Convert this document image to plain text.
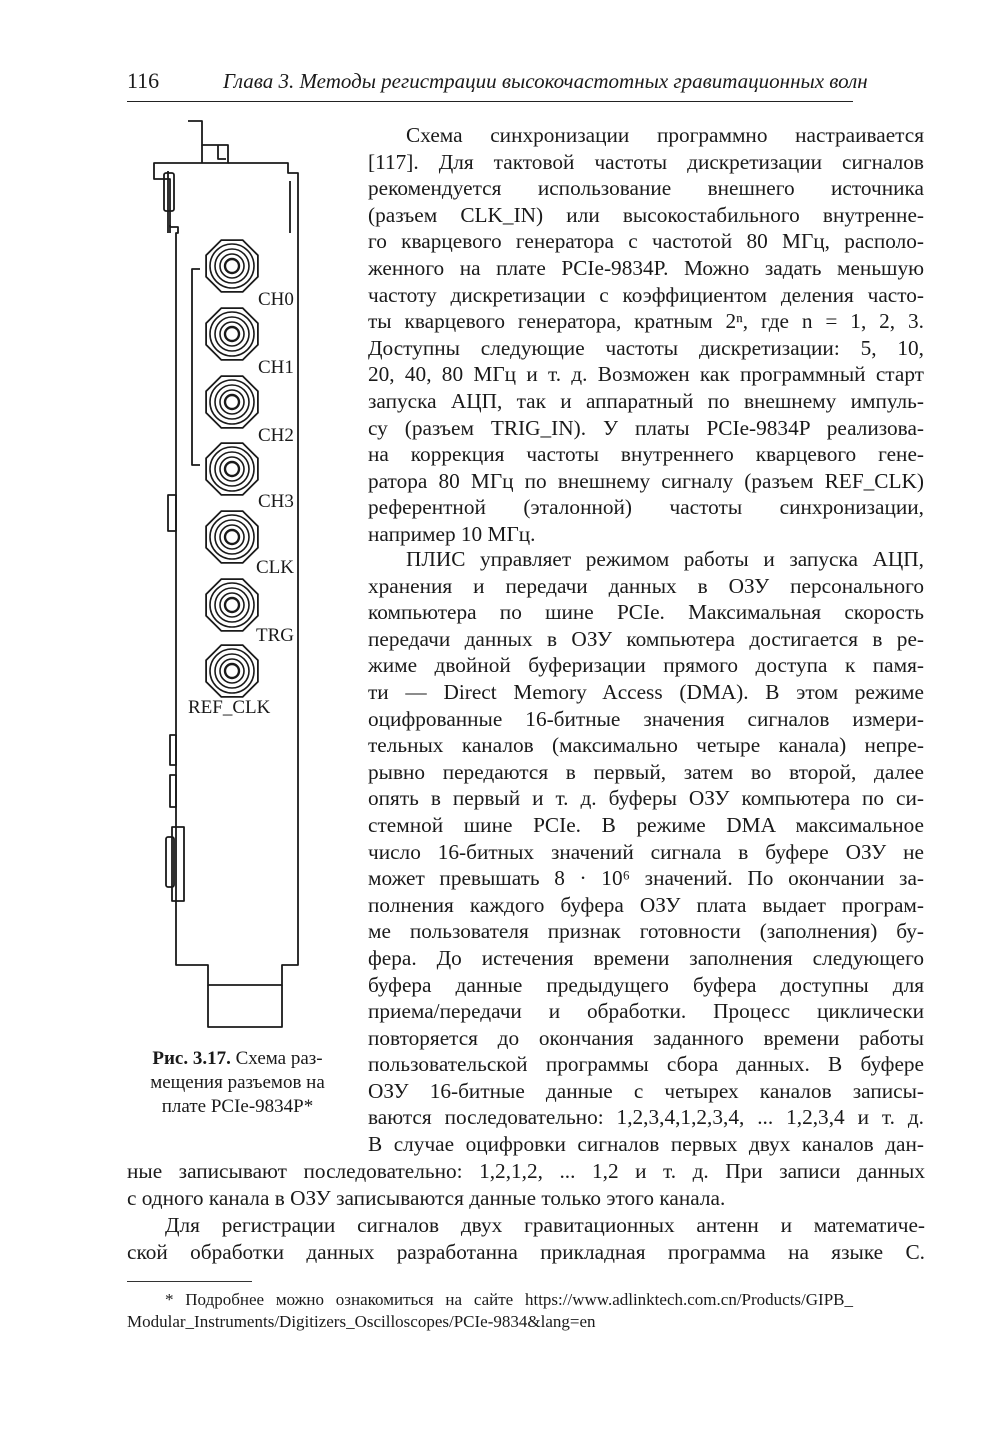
116	Глава 3. Методы регистрации высокочастотных гравитационных волн
CH0
CH1
CH2
CH3
CLK
TRG
REF_CLK
Рис. 3.17. Схема раз-
мещения разъемов на
плате PCIe-9834P*
Схема синхронизации программно настраивается
[117]. Для тактовой частоты дискретизации сигналов
рекомендуется использование внешнего источника
(разъем CLK_IN) или высокостабильного внутренне-
го кварцевого генератора с частотой 80 МГц, располо-
женного на плате PCIe-9834P. Можно задать меньшую
частоту дискретизации с коэффициентом деления часто-
ты кварцевого генератора, кратным 2ⁿ, где n = 1, 2, 3.
Доступны следующие частоты дискретизации: 5, 10,
20, 40, 80 МГц и т. д. Возможен как программный старт
запуска АЦП, так и аппаратный по внешнему импуль-
су (разъем TRIG_IN). У платы PCIe-9834P реализова-
на коррекция частоты внутреннего кварцевого гене-
ратора 80 МГц по внешнему сигналу (разъем REF_CLK)
референтной (эталонной) частоты синхронизации,
например 10 МГц.
ПЛИС управляет режимом работы и запуска АЦП,
хранения и передачи данных в ОЗУ персонального
компьютера по шине PCIe. Максимальная скорость
передачи данных в ОЗУ компьютера достигается в ре-
жиме двойной буферизации прямого доступа к памя-
ти — Direct Memory Access (DMA). В этом режиме
оцифрованные 16-битные значения сигналов измери-
тельных каналов (максимально четыре канала) непре-
рывно передаются в первый, затем во второй, далее
опять в первый и т. д. буферы ОЗУ компьютера по си-
стемной шине PCIe. В режиме DMA максимальное
число 16-битных значений сигнала в буфере ОЗУ не
может превышать 8 · 10⁶ значений. По окончании за-
полнения каждого буфера ОЗУ плата выдает програм-
ме пользователя признак готовности (заполнения) бу-
фера. До истечения времени заполнения следующего
буфера данные предыдущего буфера доступны для
приема/передачи и обработки. Процесс циклически
повторяется до окончания заданного времени работы
пользовательской программы сбора данных. В буфере
ОЗУ 16-битные данные с четырех каналов записы-
ваются последовательно: 1,2,3,4,1,2,3,4, ... 1,2,3,4 и т. д.
В случае оцифровки сигналов первых двух каналов дан-
ные записывают последовательно: 1,2,1,2, ... 1,2 и т. д. При записи данных
с одного канала в ОЗУ записываются данные только этого канала.
Для регистрации сигналов двух гравитационных антенн и математиче-
ской обработки данных разработанна прикладная программа на языке С.
* Подробнее можно ознакомиться на сайте https://www.adlinktech.com.cn/Products/GIPB_
Modular_Instruments/Digitizers_Oscilloscopes/PCIe-9834&lang=en
